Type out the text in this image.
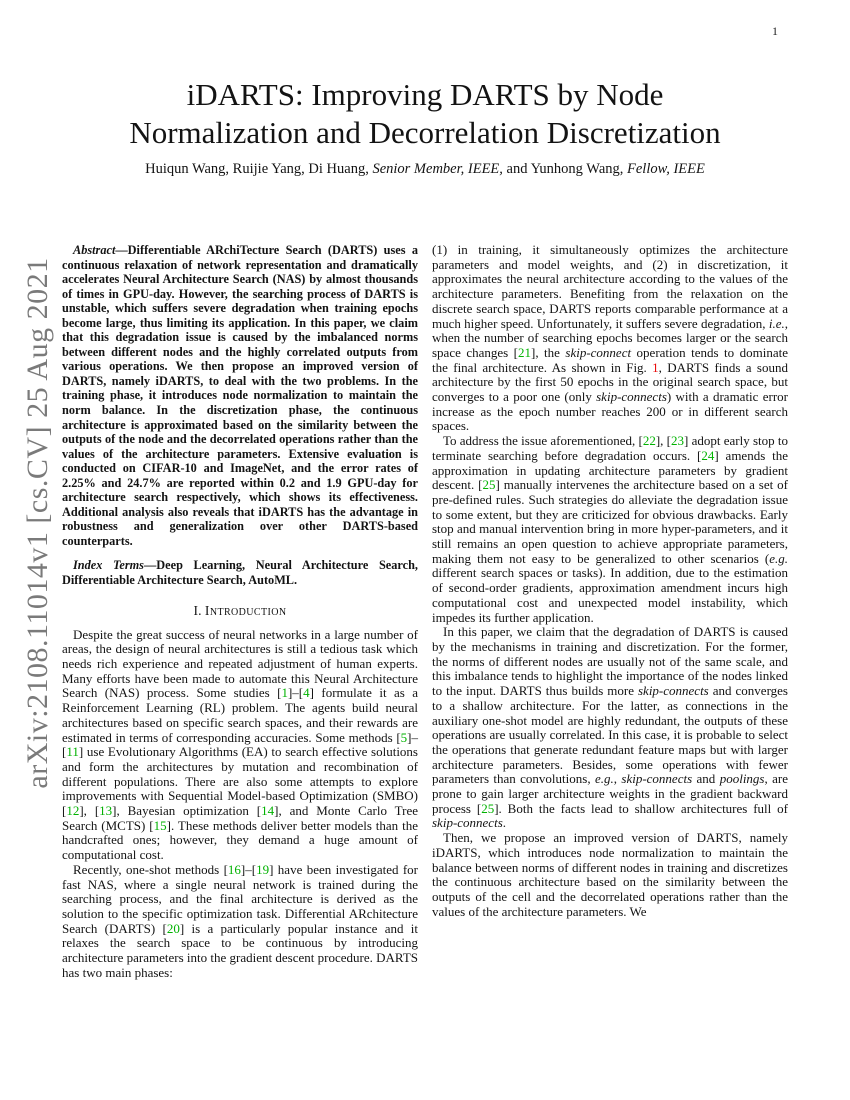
1
arXiv:2108.11014v1 [cs.CV] 25 Aug 2021
iDARTS: Improving DARTS by Node
Normalization and Decorrelation Discretization
Huiqun Wang, Ruijie Yang, Di Huang, Senior Member, IEEE, and Yunhong Wang, Fellow, IEEE

Abstract—Differentiable ARchiTecture Search (DARTS) uses a continuous relaxation of network representation and dramatically accelerates Neural Architecture Search (NAS) by almost thousands of times in GPU-day. However, the searching process of DARTS is unstable, which suffers severe degradation when training epochs become large, thus limiting its application. In this paper, we claim that this degradation issue is caused by the imbalanced norms between different nodes and the highly correlated outputs from various operations. We then propose an improved version of DARTS, namely iDARTS, to deal with the two problems. In the training phase, it introduces node normalization to maintain the norm balance. In the discretization phase, the continuous architecture is approximated based on the similarity between the outputs of the node and the decorrelated operations rather than the values of the architecture parameters. Extensive evaluation is conducted on CIFAR-10 and ImageNet, and the error rates of 2.25% and 24.7% are reported within 0.2 and 1.9 GPU-day for architecture search respectively, which shows its effectiveness. Additional analysis also reveals that iDARTS has the advantage in robustness and generalization over other DARTS-based counterparts.

Index Terms—Deep Learning, Neural Architecture Search, Differentiable Architecture Search, AutoML.

I. Introduction

Despite the great success of neural networks in a large number of areas, the design of neural architectures is still a tedious task which needs rich experience and repeated adjustment of human experts. Many efforts have been made to automate this Neural Architecture Search (NAS) process. Some studies [1]–[4] formulate it as a Reinforcement Learning (RL) problem. The agents build neural architectures based on specific search spaces, and their rewards are estimated in terms of corresponding accuracies. Some methods [5]–[11] use Evolutionary Algorithms (EA) to search effective solutions and form the architectures by mutation and recombination of different populations. There are also some attempts to explore improvements with Sequential Model-based Optimization (SMBO) [12], [13], Bayesian optimization [14], and Monte Carlo Tree Search (MCTS) [15]. These methods deliver better models than the handcrafted ones; however, they demand a huge amount of computational cost.

Recently, one-shot methods [16]–[19] have been investigated for fast NAS, where a single neural network is trained during the searching process, and the final architecture is derived as the solution to the specific optimization task. Differential ARchitecture Search (DARTS) [20] is a particularly popular instance and it relaxes the search space to be continuous by introducing architecture parameters into the gradient descent procedure. DARTS has two main phases:

(1) in training, it simultaneously optimizes the architecture parameters and model weights, and (2) in discretization, it approximates the neural architecture according to the values of the architecture parameters. Benefiting from the relaxation on the discrete search space, DARTS reports comparable performance at a much higher speed. Unfortunately, it suffers severe degradation, i.e., when the number of searching epochs becomes larger or the search space changes [21], the skip-connect operation tends to dominate the final architecture. As shown in Fig. 1, DARTS finds a sound architecture by the first 50 epochs in the original search space, but converges to a poor one (only skip-connects) with a dramatic error increase as the epoch number reaches 200 or in different search spaces.

To address the issue aforementioned, [22], [23] adopt early stop to terminate searching before degradation occurs. [24] amends the approximation in updating architecture parameters by gradient descent. [25] manually intervenes the architecture based on a set of pre-defined rules. Such strategies do alleviate the degradation issue to some extent, but they are criticized for obvious drawbacks. Early stop and manual intervention bring in more hyper-parameters, and it still remains an open question to achieve appropriate parameters, making them not easy to be generalized to other scenarios (e.g. different search spaces or tasks). In addition, due to the estimation of second-order gradients, approximation amendment incurs high computational cost and unexpected model instability, which impedes its further application.

In this paper, we claim that the degradation of DARTS is caused by the mechanisms in training and discretization. For the former, the norms of different nodes are usually not of the same scale, and this imbalance tends to highlight the importance of the nodes linked to the input. DARTS thus builds more skip-connects and converges to a shallow architecture. For the latter, as connections in the auxiliary one-shot model are highly redundant, the outputs of these operations are usually correlated. In this case, it is probable to select the operations that generate redundant feature maps but with larger architecture parameters. Besides, some operations with fewer parameters than convolutions, e.g., skip-connects and poolings, are prone to gain larger architecture weights in the gradient backward process [25]. Both the facts lead to shallow architectures full of skip-connects.

Then, we propose an improved version of DARTS, namely iDARTS, which introduces node normalization to maintain the balance between norms of different nodes in training and discretizes the continuous architecture based on the similarity between the outputs of the cell and the decorrelated operations rather than the values of the architecture parameters. We
